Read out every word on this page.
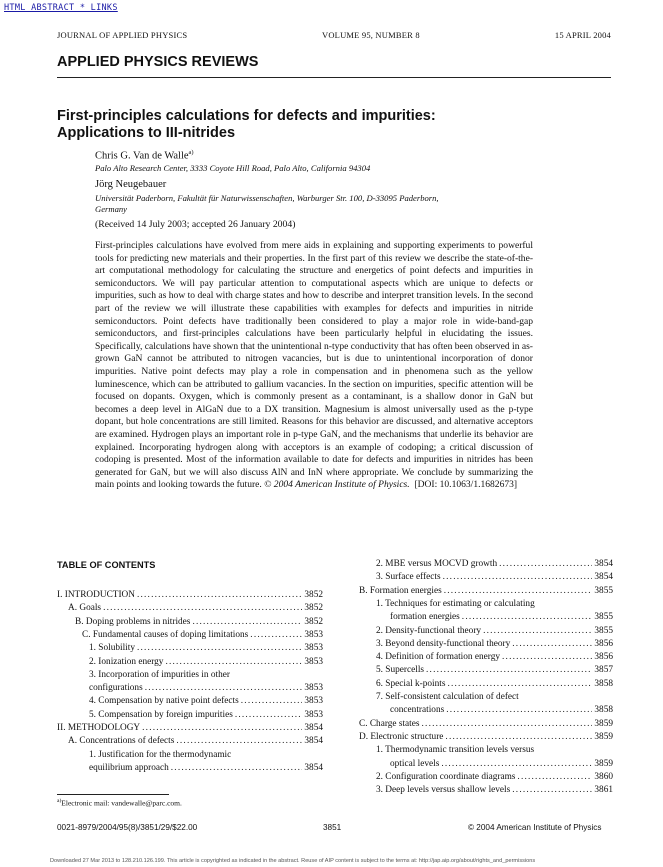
HTML ABSTRACT * LINKS
JOURNAL OF APPLIED PHYSICS	VOLUME 95, NUMBER 8	15 APRIL 2004
APPLIED PHYSICS REVIEWS
First-principles calculations for defects and impurities:
Applications to III-nitrides
Chris G. Van de Walle$^{a)}$
Palo Alto Research Center, 3333 Coyote Hill Road, Palo Alto, California 94304
Jörg Neugebauer
Universität Paderborn, Fakultät für Naturwissenschaften, Warburger Str. 100, D-33095 Paderborn,
Germany
(Received 14 July 2003; accepted 26 January 2004)

First-principles calculations have evolved from mere aids in explaining and supporting experiments to powerful tools for predicting new materials and their properties. In the first part of this review we describe the state-of-the-art computational methodology for calculating the structure and energetics of point defects and impurities in semiconductors. We will pay particular attention to computational aspects which are unique to defects or impurities, such as how to deal with charge states and how to describe and interpret transition levels. In the second part of the review we will illustrate these capabilities with examples for defects and impurities in nitride semiconductors. Point defects have traditionally been considered to play a major role in wide-band-gap semiconductors, and first-principles calculations have been particularly helpful in elucidating the issues. Specifically, calculations have shown that the unintentional n-type conductivity that has often been observed in as-grown GaN cannot be attributed to nitrogen vacancies, but is due to unintentional incorporation of donor impurities. Native point defects may play a role in compensation and in phenomena such as the yellow luminescence, which can be attributed to gallium vacancies. In the section on impurities, specific attention will be focused on dopants. Oxygen, which is commonly present as a contaminant, is a shallow donor in GaN but becomes a deep level in AlGaN due to a DX transition. Magnesium is almost universally used as the p-type dopant, but hole concentrations are still limited. Reasons for this behavior are discussed, and alternative acceptors are examined. Hydrogen plays an important role in p-type GaN, and the mechanisms that underlie its behavior are explained. Incorporating hydrogen along with acceptors is an example of codoping; a critical discussion of codoping is presented. Most of the information available to date for defects and impurities in nitrides has been generated for GaN, but we will also discuss AlN and InN where appropriate. We conclude by summarizing the main points and looking towards the future. © 2004 American Institute of Physics. [DOI: 10.1063/1.1682673]

TABLE OF CONTENTS
I. INTRODUCTION .....	3852
A. Goals .....	3852
B. Doping problems in nitrides .....	3852
C. Fundamental causes of doping limitations .....	3853
1. Solubility .....	3853
2. Ionization energy .....	3853
3. Incorporation of impurities in other
configurations .....	3853
4. Compensation by native point defects .....	3853
5. Compensation by foreign impurities .....	3853
II. METHODOLOGY .....	3854
A. Concentrations of defects .....	3854
1. Justification for the thermodynamic
equilibrium approach .....	3854
2. MBE versus MOCVD growth .....	3854
3. Surface effects .....	3854
B. Formation energies .....	3855
1. Techniques for estimating or calculating
formation energies .....	3855
2. Density-functional theory .....	3855
3. Beyond density-functional theory .....	3856
4. Definition of formation energy .....	3856
5. Supercells .....	3857
6. Special k-points .....	3858
7. Self-consistent calculation of defect
concentrations .....	3858
C. Charge states .....	3859
D. Electronic structure .....	3859
1. Thermodynamic transition levels versus
optical levels .....	3859
2. Configuration coordinate diagrams .....	3860
3. Deep levels versus shallow levels .....	3861
$^{a)}$Electronic mail: vandewalle@parc.com.
0021-8979/2004/95(8)/3851/29/$22.00	3851	© 2004 American Institute of Physics
Downloaded 27 Mar 2013 to 128.210.126.199. This article is copyrighted as indicated in the abstract. Reuse of AIP content is subject to the terms at: http://jap.aip.org/about/rights_and_permissions
